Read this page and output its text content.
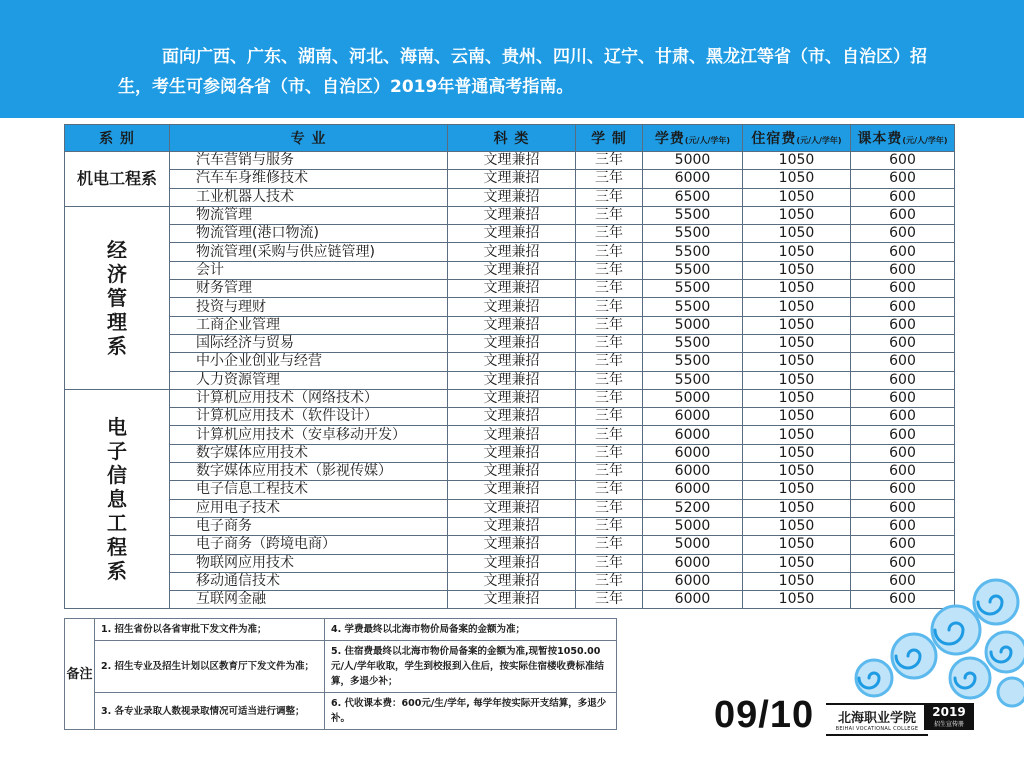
面向广西、广东、湖南、河北、海南、云南、贵州、四川、辽宁、甘肃、黑龙江等省（市、自治区）招生，考生可参阅各省（市、自治区）2019年普通高考指南。
系 别	专 业	科 类	学 制	学费(元/人/学年)	住宿费(元/人/学年)	课本费(元/人/学年)
机电工程系	汽车营销与服务	文理兼招	三年	5000	1050	600
	汽车车身维修技术	文理兼招	三年	6000	1050	600
	工业机器人技术	文理兼招	三年	6500	1050	600

经济管理系	物流管理	文理兼招	三年	5500	1050	600
	物流管理(港口物流)	文理兼招	三年	5500	1050	600
	物流管理(采购与供应链管理)	文理兼招	三年	5500	1050	600
	会计	文理兼招	三年	5500	1050	600
	财务管理	文理兼招	三年	5500	1050	600
	投资与理财	文理兼招	三年	5500	1050	600
	工商企业管理	文理兼招	三年	5000	1050	600
	国际经济与贸易	文理兼招	三年	5500	1050	600
	中小企业创业与经营	文理兼招	三年	5500	1050	600
	人力资源管理	文理兼招	三年	5500	1050	600

电子信息工程系	计算机应用技术（网络技术）	文理兼招	三年	5000	1050	600
	计算机应用技术（软件设计）	文理兼招	三年	6000	1050	600
	计算机应用技术（安卓移动开发）	文理兼招	三年	6000	1050	600
	数字媒体应用技术	文理兼招	三年	6000	1050	600
	数字媒体应用技术（影视传媒）	文理兼招	三年	6000	1050	600
	电子信息工程技术	文理兼招	三年	6000	1050	600
	应用电子技术	文理兼招	三年	5200	1050	600
	电子商务	文理兼招	三年	5000	1050	600
	电子商务（跨境电商）	文理兼招	三年	5000	1050	600
	物联网应用技术	文理兼招	三年	6000	1050	600
	移动通信技术	文理兼招	三年	6000	1050	600
	互联网金融	文理兼招	三年	6000	1050	600
备注	1. 招生省份以各省审批下发文件为准；	4. 学费最终以北海市物价局备案的金额为准；
	2. 招生专业及招生计划以区教育厅下发文件为准；	5. 住宿费最终以北海市物价局备案的金额为准,现暂按1050.00元/人/学年收取，学生到校报到入住后，按实际住宿楼收费标准结算，多退少补；
	3. 各专业录取人数视录取情况可适当进行调整；	6. 代收课本费：600元/生/学年, 每学年按实际开支结算，多退少补。	09/10	北海职业学院
BEIHAI VOCATIONAL COLLEGE
2019
招生宣传册
